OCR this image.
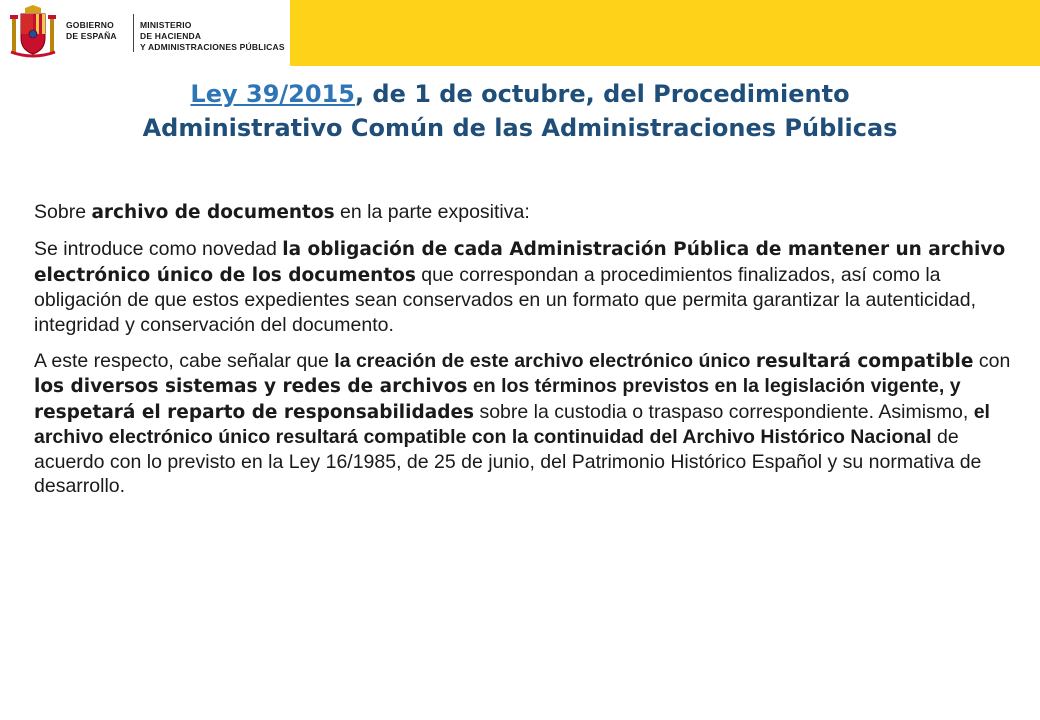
GOBIERNO
DE ESPAÑA
MINISTERIO
DE HACIENDA
Y ADMINISTRACIONES PÚBLICAS
Ley 39/2015, de 1 de octubre, del Procedimiento
Administrativo Común de las Administraciones Públicas

Sobre archivo de documentos en la parte expositiva:

Se introduce como novedad la obligación de cada Administración Pública de mantener un archivo electrónico único de los documentos que correspondan a procedimientos finalizados, así como la obligación de que estos expedientes sean conservados en un formato que permita garantizar la autenticidad, integridad y conservación del documento.

A este respecto, cabe señalar que la creación de este archivo electrónico único resultará compatible con los diversos sistemas y redes de archivos en los términos previstos en la legislación vigente, y respetará el reparto de responsabilidades sobre la custodia o traspaso correspondiente. Asimismo, el archivo electrónico único resultará compatible con la continuidad del Archivo Histórico Nacional de acuerdo con lo previsto en la Ley 16/1985, de 25 de junio, del Patrimonio Histórico Español y su normativa de desarrollo.
